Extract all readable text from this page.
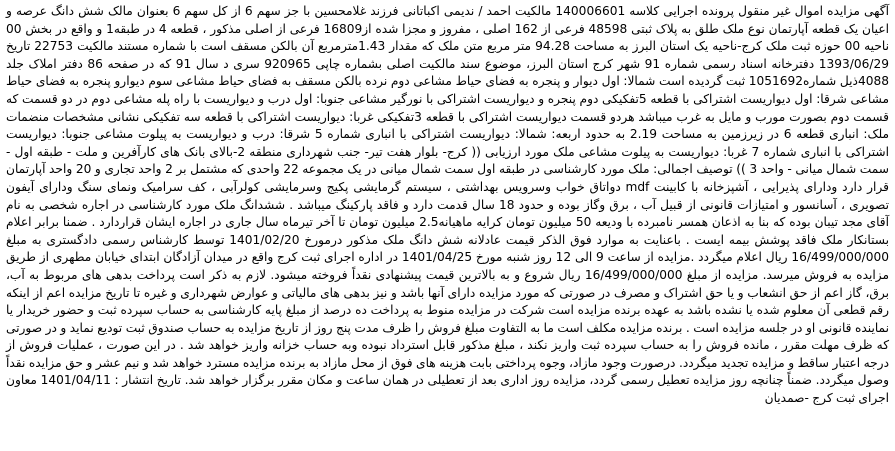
آگهی مزایده اموال غیر منقول پرونده اجرایی کلاسه 140006601 مالکیت احمد / ندیمی اکباتانی فرزند غلامحسین با جز سهم 6 از کل سهم 6 بعنوان مالک شش دانگ عرصه و اعیان یک قطعه آپارتمان نوع ملک طلق به پلاک ثبتی 48598 فرعی از 162 اصلی ، مفروز و مجزا شده از16809 فرعی از اصلی مذکور ، قطعه 4 در طبقه1 و واقع در بخش 00 ناحیه 00 حوزه ثبت ملک کرج-ناحیه یک استان البرز به مساحت 94.28 متر مربع متن ملک که مقدار 1.43مترمربع آن بالکن مسقف است با شماره مستند مالکیت 22753 تاریخ 1393/06/29 دفترخانه اسناد رسمی شماره 91 شهر کرج استان البرز، موضوع سند مالکیت اصلی بشماره چاپی 920965 سری د سال 91 که در صفحه 86 دفتر املاک جلد 4088ذیل شماره1051692 ثبت گردیده است شمالا: اول دیوار و پنجره به فضای حیاط مشاعی دوم نرده بالکن مسقف به فضای حیاط مشاعی سوم دیوارو پنجره به فضای حیاط مشاعی شرقا: اول دیواریست اشتراکی با قطعه 5تفکیکی دوم پنجره و دیواریست اشتراکی با نورگیر مشاعی جنوبا: اول درب و دیواریست با راه پله مشاعی دوم در دو قسمت که قسمت دوم بصورت مورب و مایل به غرب میباشد هردو قسمت دیواریست اشتراکی با قطعه 3تفکیکی غربا: دیواریست اشتراکی با قطعه سه تفکیکی نشانی مشخصات منضمات ملک: انباری قطعه 6 در زیرزمین به مساحت 2.19 به حدود اربعه: شمالا: دیواریست اشتراکی با انباری شماره 5 شرقا: درب و دیواریست به پیلوت مشاعی جنوبا: دیواریست اشتراکی با انباری شماره 7 غربا: دیواریست به پیلوت مشاعی ملک مورد ارزیابی (( کرج- بلوار هفت تیر- جنب شهرداری منطقه 2-بالای بانک های کارآفرین و ملت - طبقه اول - سمت شمال میانی - واحد 3 )) توصیف اجمالی: ملک مورد کارشناسی در طبقه اول سمت شمال میانی در یک مجموعه 22 واحدی که مشتمل بر 2 واحد تجاری و 20 واحد آپارتمان قرار دارد ودارای پذیرایی ، آشپزخانه با کابینت mdf دواتاق خواب وسرویس بهداشتی ، سیستم گرمایشی پکیج وسرمایشی کولرآبی ، کف سرامیک ونمای سنگ ودارای آیفون تصویری ، آسانسور و امتیازات قانونی از قبیل آب ، برق وگاز بوده و حدود 18 سال قدمت دارد و فاقد پارکینگ میباشد . ششدانگ ملک مورد کارشناسی در اجاره شخصی به نام آقای مجد تیبان بوده که بنا به اذعان همسر نامبرده با ودیعه 50 میلیون تومان کرایه ماهیانه2.5 میلیون تومان تا آخر تیرماه سال جاری در اجاره ایشان قراردارد . ضمنا برابر اعلام بستانکار ملک فاقد پوشش بیمه ایست . باعنایت به موارد فوق الذکر قیمت عادلانه شش دانگ ملک مذکور درمورخ 1401/02/20 توسط کارشناس رسمی دادگستری به مبلغ 16/499/000/000 ریال اعلام میگردد .مزایده از ساعت 9 الی 12 روز شنبه مورخ 1401/04/25 در اداره اجرای ثبت کرج واقع در میدان آزادگان ابتدای خیابان مطهری از طریق مزایده به فروش میرسد. مزایده از مبلغ 16/499/000/000 ریال شروع و به بالاترین قیمت پیشنهادی نقداً فروخته میشود. لازم به ذکر است پرداخت بدهی های مربوط به آب، برق، گاز اعم از حق انشعاب و یا حق اشتراک و مصرف در صورتی که مورد مزایده دارای آنها باشد و نیز بدهی های مالیاتی و عوارض شهرداری و غیره تا تاریخ مزایده اعم از اینکه رقم قطعی آن معلوم شده یا نشده باشد به عهده برنده مزایده است شرکت در مزایده منوط به پرداخت ده درصد از مبلغ پایه کارشناسی به حساب سپرده ثبت و حضور خریدار یا نماینده قانونی او در جلسه مزایده است . برنده مزایده مکلف است ما به التفاوت مبلغ فروش را ظرف مدت پنج روز از تاریخ مزایده به حساب صندوق ثبت تودیع نماید و در صورتی که ظرف مهلت مقرر ، مانده فروش را به حساب سپرده ثبت واریز نکند ، مبلغ مذکور قابل استرداد نبوده وبه حساب خزانه واریز خواهد شد . در این صورت ، عملیات فروش از درجه اعتبار ساقط و مزایده تجدید میگردد. درصورت وجود مازاد، وجوه پرداختی بابت هزینه های فوق از محل مازاد به برنده مزایده مسترد خواهد شد و نیم عشر و حق مزایده نقداً وصول میگردد. ضمناً چنانچه روز مزایده تعطیل رسمی گردد، مزایده روز اداری بعد از تعطیلی در همان ساعت و مکان مقرر برگزار خواهد شد. تاریخ انتشار : 1401/04/11 معاون اجرای ثبت کرج -صمدیان
